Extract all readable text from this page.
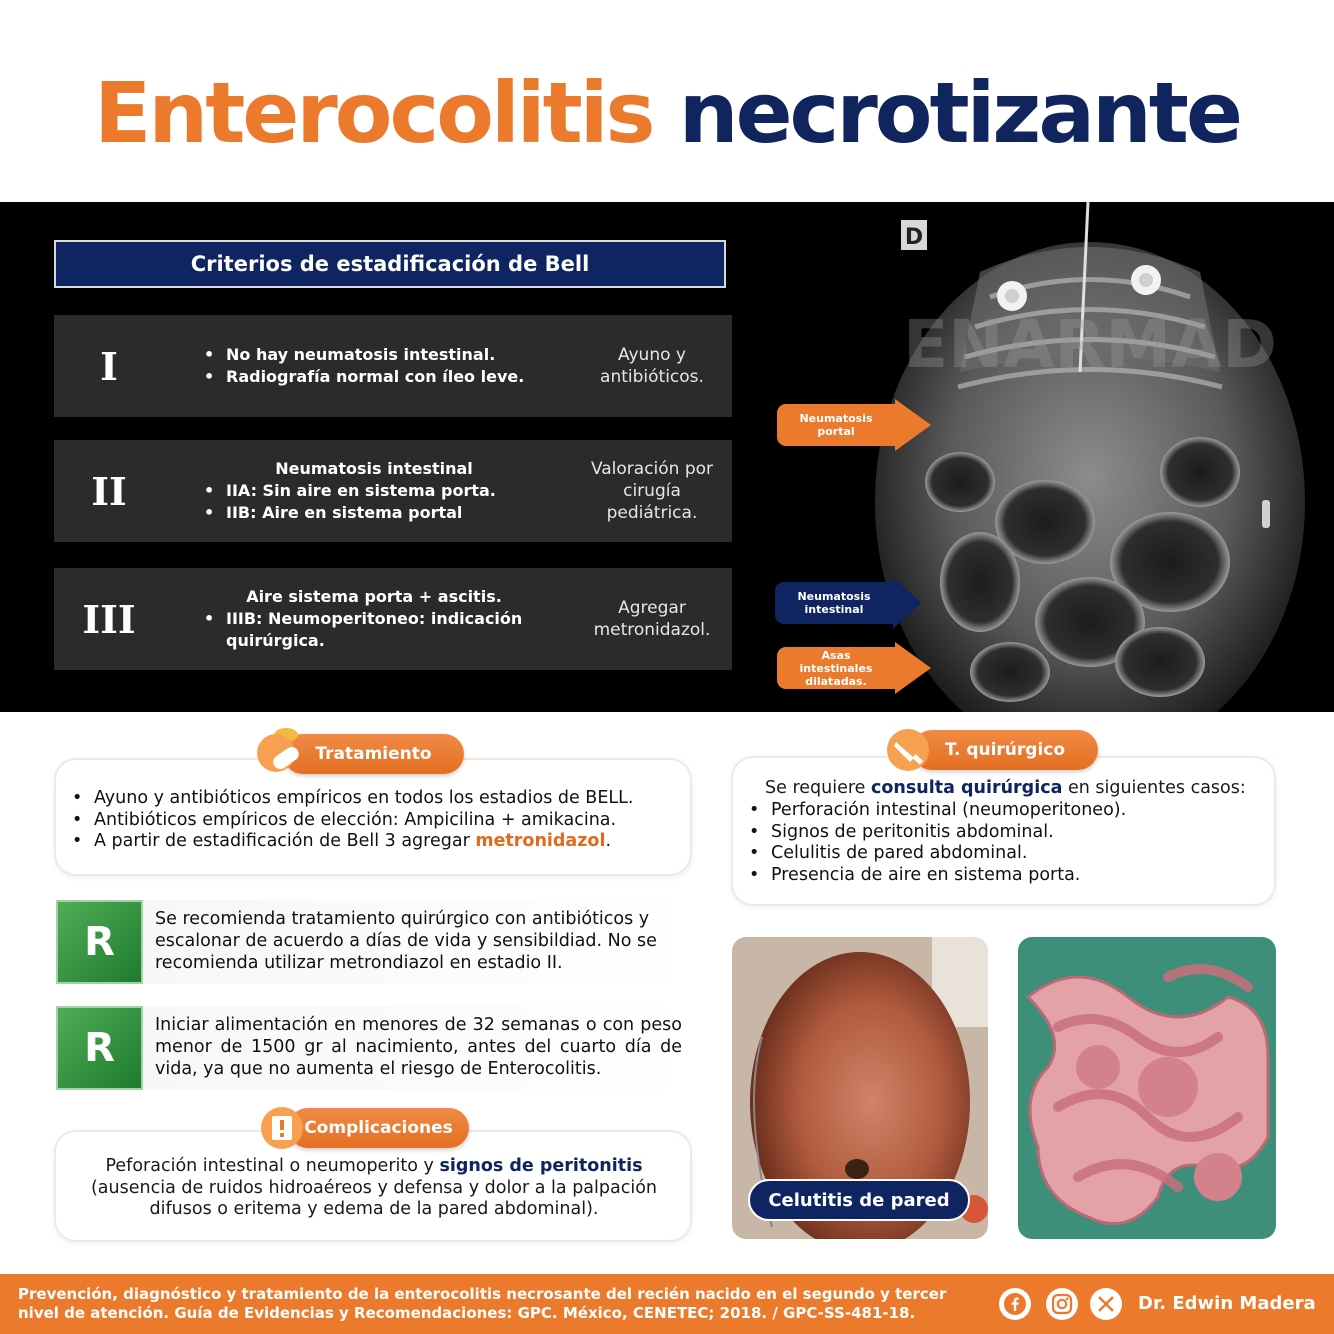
Enterocolitis necrotizante
Criterios de estadificación de Bell
I
•	No hay neumatosis intestinal.
• Radiografía normal con íleo leve.
Ayuno y antibióticos.
II	Neumatosis intestinal
• IIA: Sin aire en sistema porta.
• IIB: Aire en sistema portal
Valoración por cirugía pediátrica.
III	Aire sistema porta + ascitis.
• IIIB: Neumoperitoneo: indicación quirúrgica.
Agregar metronidazol.
D
ENARMAD
Neumatosis portal
Neumatosis intestinal
Asas intestinales dilatadas.
Tratamiento
• Ayuno y antibióticos empíricos en todos los estadios de BELL.
• Antibióticos empíricos de elección: Ampicilina + amikacina.
• A partir de estadificación de Bell 3 agregar metronidazol.
T. quirúrgico
Se requiere consulta quirúrgica en siguientes casos:
• Perforación intestinal (neumoperitoneo).
• Signos de peritonitis abdominal.
• Celulitis de pared abdominal.
• Presencia de aire en sistema porta.
R	Se recomienda tratamiento quirúrgico con antibióticos y escalonar de acuerdo a días de vida y sensibildiad. No se recomienda utilizar metrondiazol en estadio II.
R	Iniciar alimentación en menores de 32 semanas o con peso menor de 1500 gr al nacimiento, antes del cuarto día de vida, ya que no aumenta el riesgo de Enterocolitis.
Complicaciones
Peforación intestinal o neumoperito y signos de peritonitis (ausencia de ruidos hidroaéreos y defensa y dolor a la palpación difusos o eritema y edema de la pared abdominal).	Celutitis de pared
Prevención, diagnóstico y tratamiento de la enterocolitis necrosante del recién nacido en el segundo y tercer nivel de atención. Guía de Evidencias y Recomendaciones: GPC. México, CENETEC; 2018. / GPC-SS-481-18.	Dr. Edwin Madera
